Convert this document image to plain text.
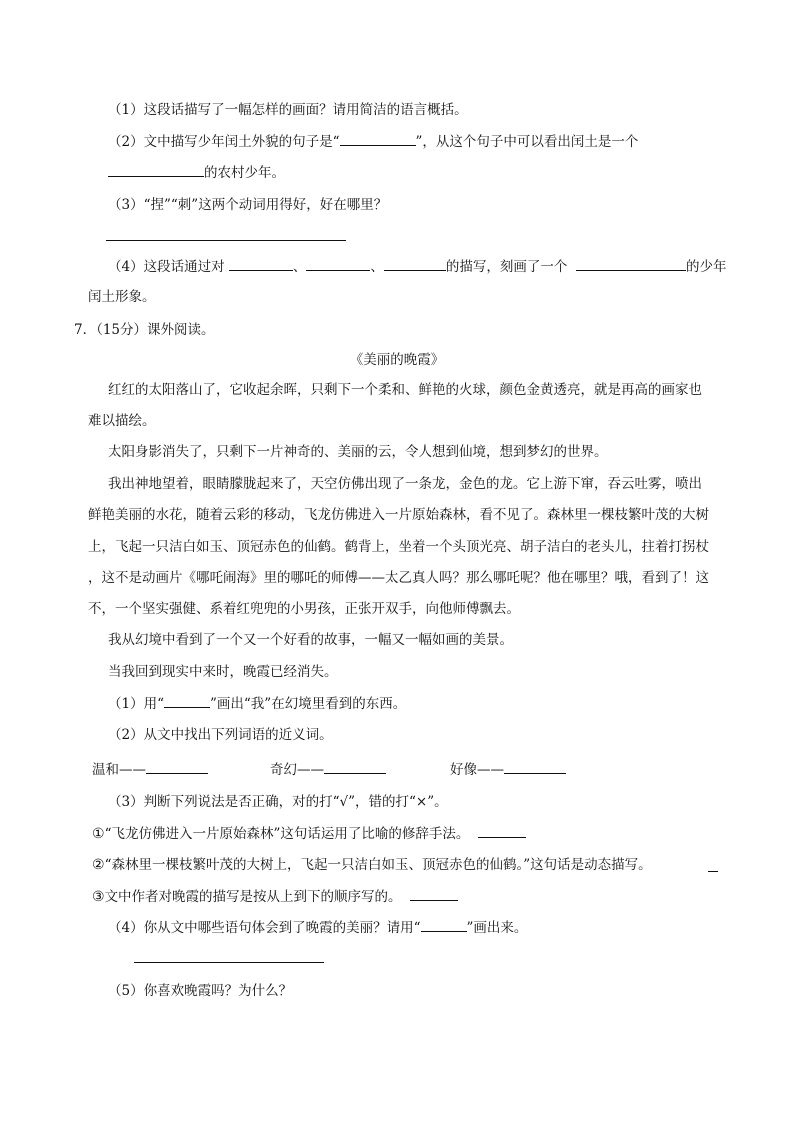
（1）这段话描写了一幅怎样的画面？请用简洁的语言概括。
（2）文中描写少年闰土外貌的句子是“	”，从这个句子中可以看出闰土是一个
的农村少年。
（3）“捏”“刺”这两个动词用得好，好在哪里？
（4）这段话通过对	、	、	的描写，刻画了一个	的少年
闰土形象。
7．（15分）课外阅读。
《美丽的晚霞》
红红的太阳落山了，它收起余晖，只剩下一个柔和、鲜艳的火球，颜色金黄透亮，就是再高的画家也
难以描绘。
太阳身影消失了，只剩下一片神奇的、美丽的云，令人想到仙境，想到梦幻的世界。
我出神地望着，眼睛朦胧起来了，天空仿佛出现了一条龙，金色的龙。它上游下窜，吞云吐雾，喷出
鲜艳美丽的水花，随着云彩的移动，飞龙仿佛进入一片原始森林，看不见了。森林里一棵枝繁叶茂的大树
上，飞起一只洁白如玉、顶冠赤色的仙鹤。鹤背上，坐着一个头顶光亮、胡子洁白的老头儿，拄着打拐杖
，这不是动画片《哪吒闹海》里的哪吒的师傅——太乙真人吗？那么哪吒呢？他在哪里？哦，看到了！这
不，一个坚实强健、系着红兜兜的小男孩，正张开双手，向他师傅飘去。
我从幻境中看到了一个又一个好看的故事，一幅又一幅如画的美景。
当我回到现实中来时，晚霞已经消失。
（1）用“	”画出“我”在幻境里看到的东西。
（2）从文中找出下列词语的近义词。
温和——	奇幻——	好像——
（3）判断下列说法是否正确，对的打“√”，错的打“×”。
①“飞龙仿佛进入一片原始森林”这句话运用了比喻的修辞手法。
②“森林里一棵枝繁叶茂的大树上，飞起一只洁白如玉、顶冠赤色的仙鹤。”这句话是动态描写。
③文中作者对晚霞的描写是按从上到下的顺序写的。
（4）你从文中哪些语句体会到了晚霞的美丽？请用“	”画出来。
（5）你喜欢晚霞吗？为什么？
